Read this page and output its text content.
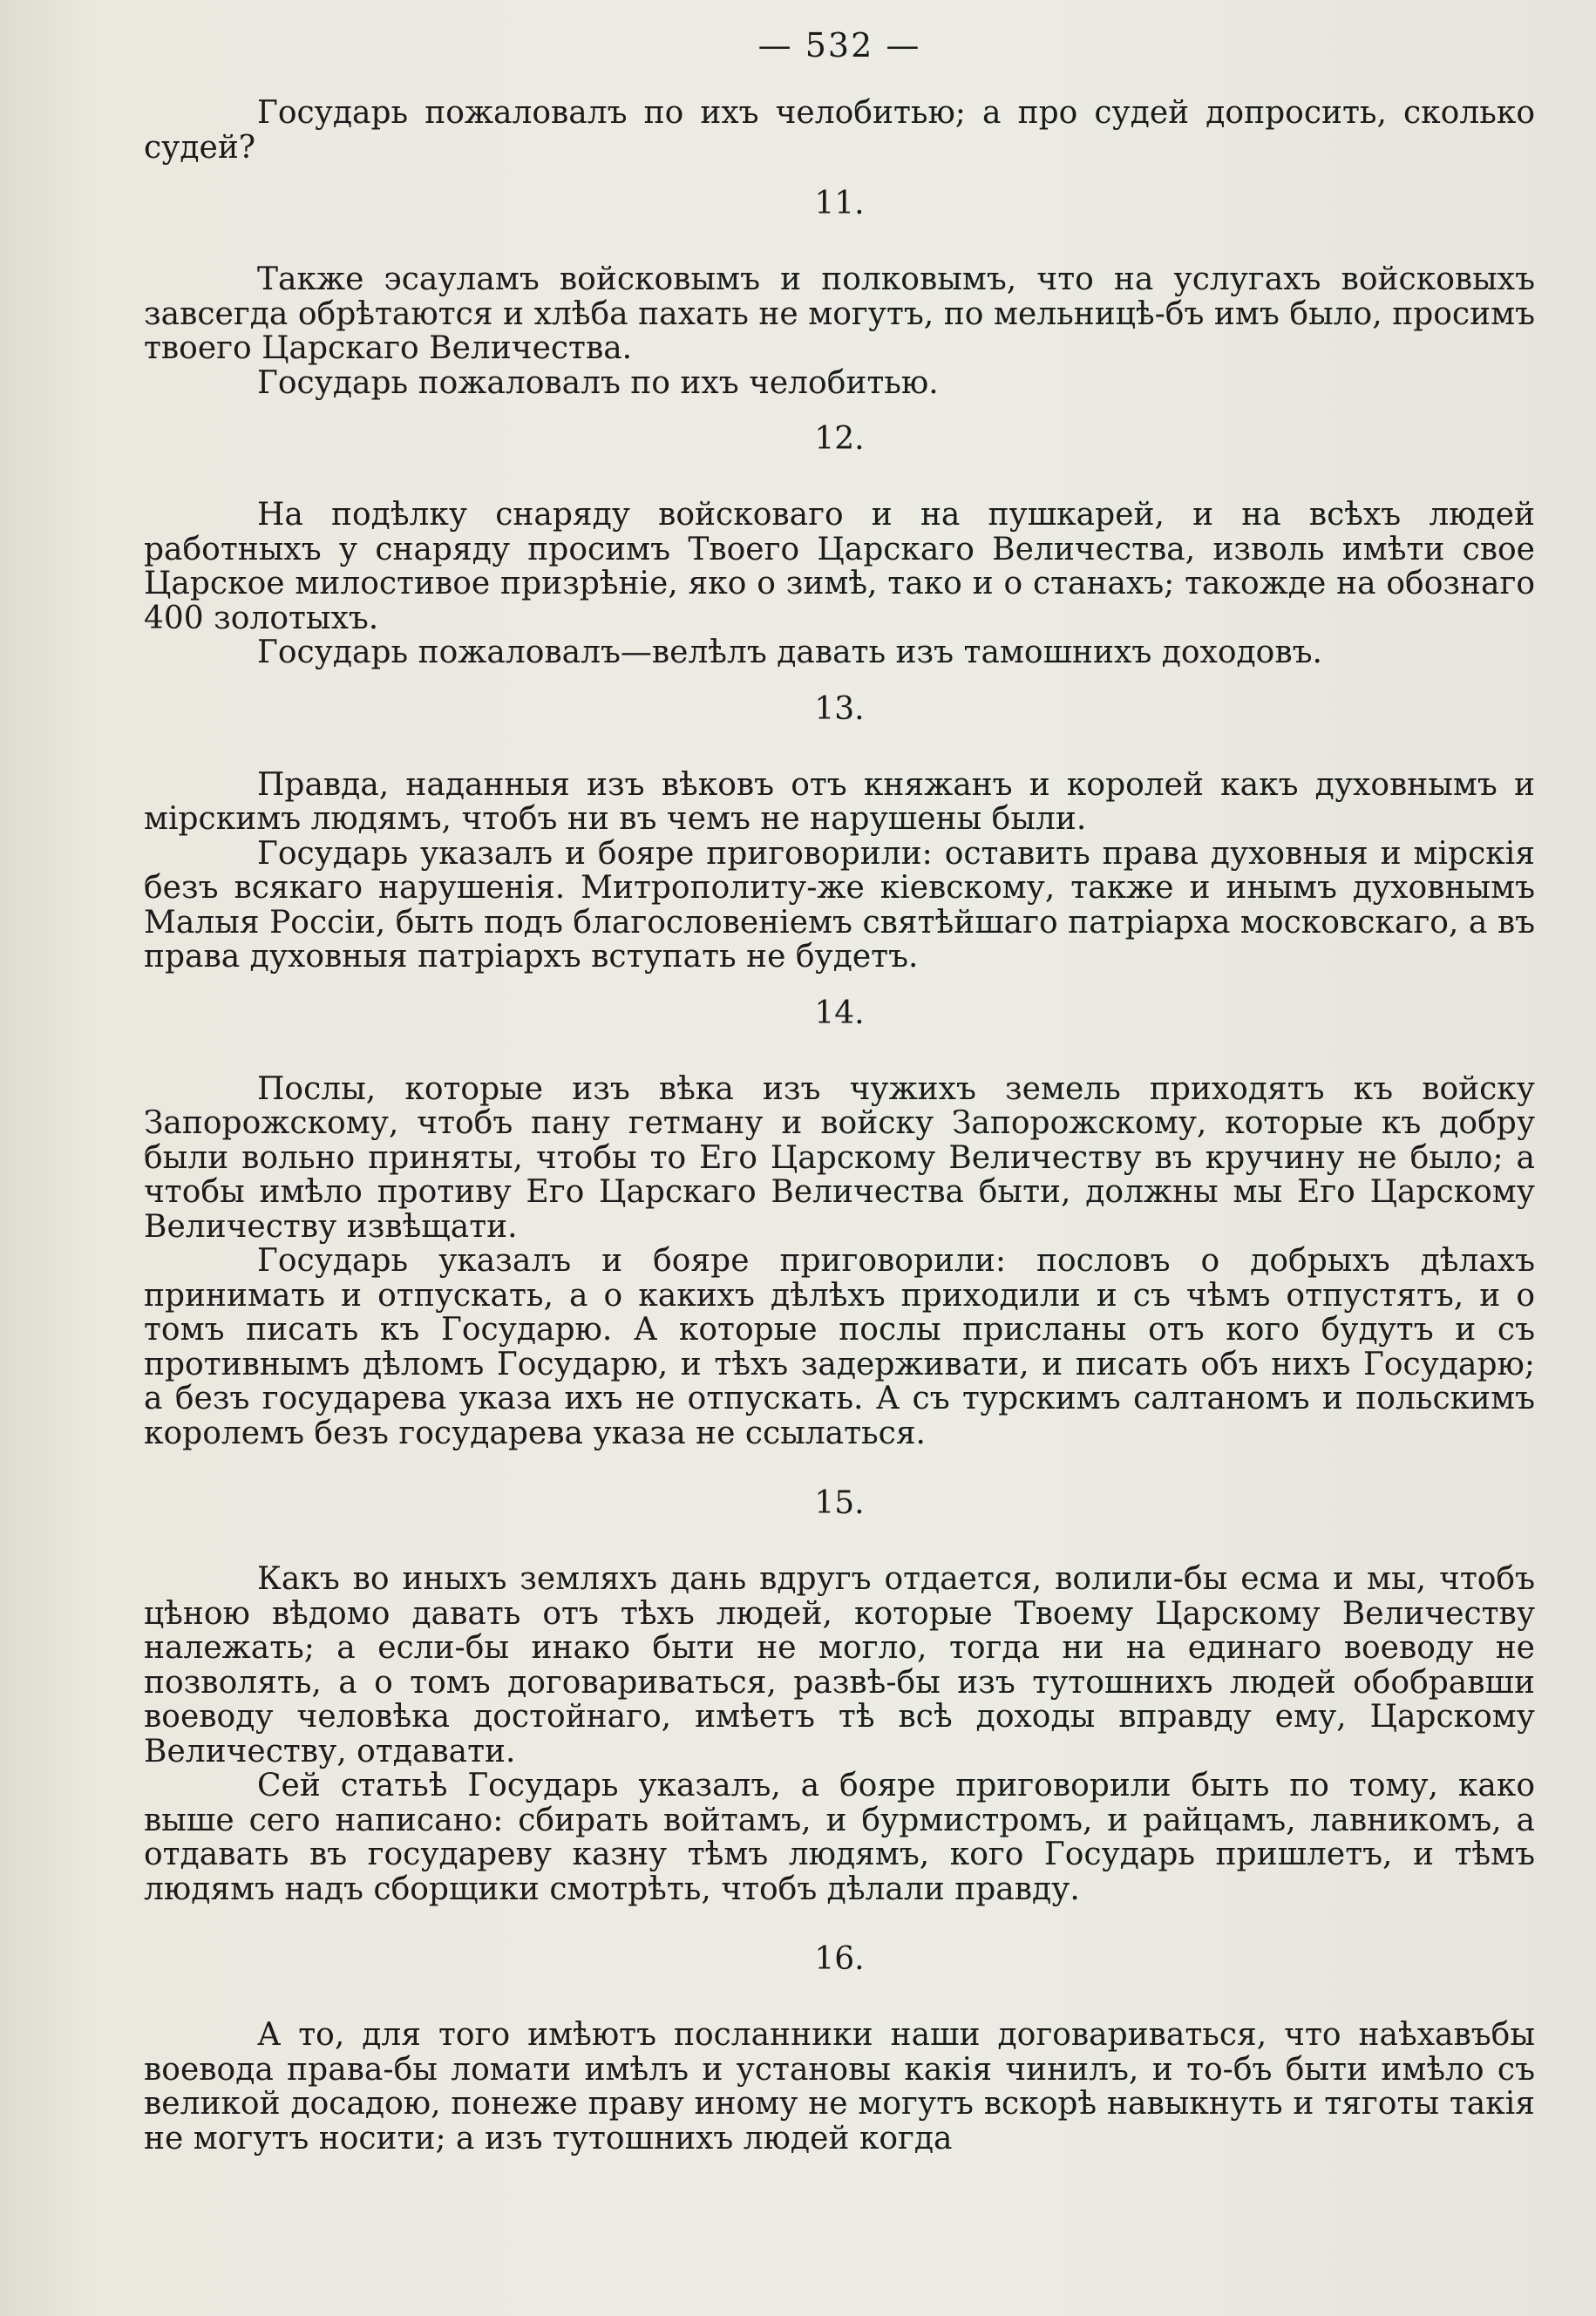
— 532 —

Государь пожаловалъ по ихъ челобитью; а про судей допросить, сколько судей?

11.

Также эсауламъ войсковымъ и полковымъ, что на услугахъ войсковыхъ завсегда обрѣтаются и хлѣба пахать не могутъ, по мельницѣ-бъ имъ было, просимъ твоего Царскаго Величества.

Государь пожаловалъ по ихъ челобитью.

12.

На подѣлку снаряду войсковаго и на пушкарей, и на всѣхъ людей работныхъ у снаряду просимъ Твоего Царскаго Величества, изволь имѣти свое Царское милостивое призрѣніе, яко о зимѣ, тако и о станахъ; такожде на обознаго 400 золотыхъ.

Государь пожаловалъ—велѣлъ давать изъ тамошнихъ доходовъ.

13.

Правда, наданныя изъ вѣковъ отъ княжанъ и королей какъ духовнымъ и мірскимъ людямъ, чтобъ ни въ чемъ не нарушены были.

Государь указалъ и бояре приговорили: оставить права духовныя и мірскія безъ всякаго нарушенія. Митрополиту-же кіевскому, также и инымъ духовнымъ Малыя Россіи, быть подъ благословеніемъ святѣйшаго патріарха московскаго, а въ права духовныя патріархъ вступать не будетъ.

14.

Послы, которые изъ вѣка изъ чужихъ земель приходятъ къ войску Запорожскому, чтобъ пану гетману и войску Запорожскому, которые къ добру были вольно приняты, чтобы то Его Царскому Величеству въ кручину не было; а чтобы имѣло противу Его Царскаго Величества быти, должны мы Его Царскому Величеству извѣщати.

Государь указалъ и бояре приговорили: пословъ о добрыхъ дѣлахъ принимать и отпускать, а о какихъ дѣлѣхъ приходили и съ чѣмъ отпустятъ, и о томъ писать къ Государю. А которые послы присланы отъ кого будутъ и съ противнымъ дѣломъ Государю, и тѣхъ задерживати, и писать объ нихъ Государю; а безъ государева указа ихъ не отпускать. А съ турскимъ салтаномъ и польскимъ королемъ безъ государева указа не ссылаться.

15.

Какъ во иныхъ земляхъ дань вдругъ отдается, волили-бы есма и мы, чтобъ цѣною вѣдомо давать отъ тѣхъ людей, которые Твоему Царскому Величеству належать; а если-бы инако быти не могло, тогда ни на единаго воеводу не позволять, а о томъ договариваться, развѣ-бы изъ тутошнихъ людей обобравши воеводу человѣка достойнаго, имѣетъ тѣ всѣ доходы вправду ему, Царскому Величеству, отдавати.

Сей статьѣ Государь указалъ, а бояре приговорили быть по тому, како выше сего написано: сбирать войтамъ, и бурмистромъ, и райцамъ, лавникомъ, а отдавать въ государеву казну тѣмъ людямъ, кого Государь пришлетъ, и тѣмъ людямъ надъ сборщики смотрѣть, чтобъ дѣлали правду.

16.

А то, для того имѣютъ посланники наши договариваться, что наѣхавъбы воевода права-бы ломати имѣлъ и установы какія чинилъ, и то-бъ быти имѣло съ великой досадою, понеже праву иному не могутъ вскорѣ навыкнуть и тяготы такія не могутъ носити; а изъ тутошнихъ людей когда
